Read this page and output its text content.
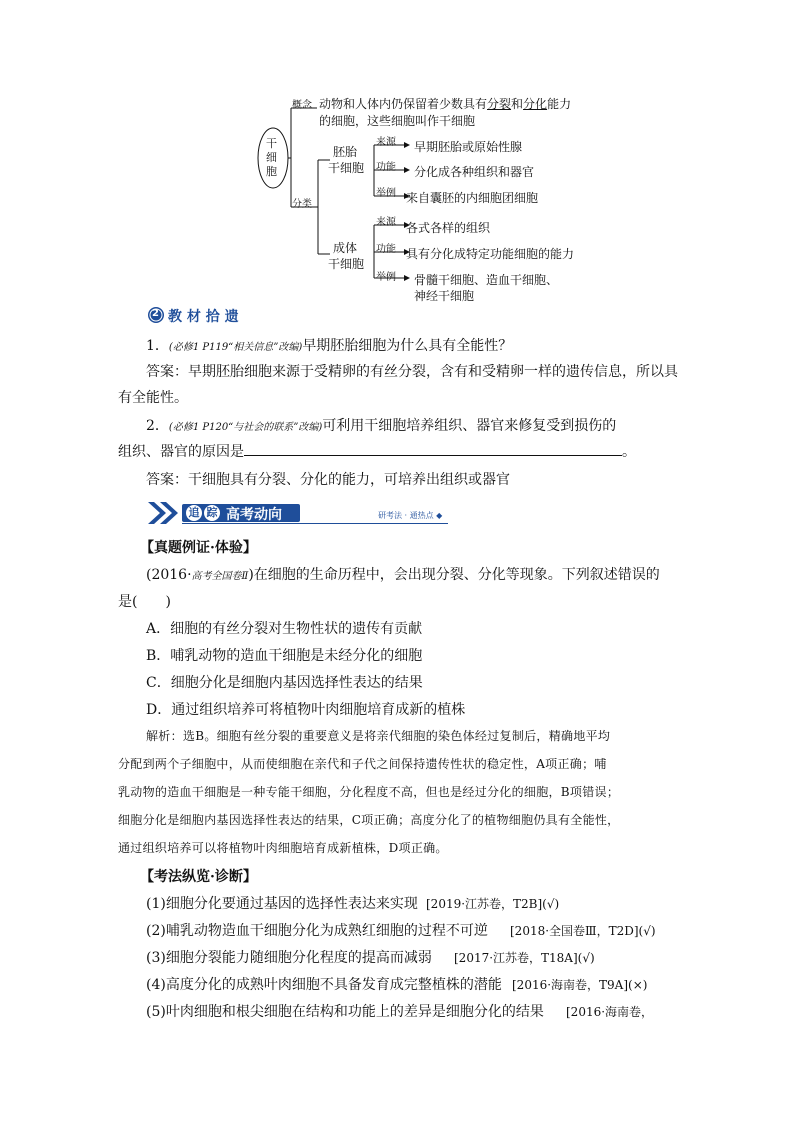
干
细
胞
概念 动物和人体内仍保留着少数具有分裂和分化能力
的细胞，这些细胞叫作干细胞
分类
胚胎
干细胞
来源 早期胚胎或原始性腺
功能 分化成各种组织和器官
举例 来自囊胚的内细胞团细胞
成体
干细胞
来源 各式各样的组织
功能 具有分化成特定功能细胞的能力
举例 骨髓干细胞、造血干细胞、
神经干细胞
2 教 材 拾 遗
1．(必修1 P119“相关信息”改编)早期胚胎细胞为什么具有全能性？
答案：早期胚胎细胞来源于受精卵的有丝分裂，含有和受精卵一样的遗传信息，所以具
有全能性。
2．(必修1 P120“与社会的联系”改编)可利用干细胞培养组织、器官来修复受到损伤的
组织、器官的原因是	。
答案：干细胞具有分裂、分化的能力，可培养出组织或器官
追 踪 高考动向	研考法 · 通热点 ◆
【真题例证·体验】
(2016·高考全国卷Ⅱ)在细胞的生命历程中，会出现分裂、分化等现象。下列叙述错误的
是(　　)
A．细胞的有丝分裂对生物性状的遗传有贡献
B．哺乳动物的造血干细胞是未经分化的细胞
C．细胞分化是细胞内基因选择性表达的结果
D．通过组织培养可将植物叶肉细胞培育成新的植株
解析：选B。细胞有丝分裂的重要意义是将亲代细胞的染色体经过复制后，精确地平均
分配到两个子细胞中，从而使细胞在亲代和子代之间保持遗传性状的稳定性，A项正确；哺
乳动物的造血干细胞是一种专能干细胞，分化程度不高，但也是经过分化的细胞，B项错误；
细胞分化是细胞内基因选择性表达的结果，C项正确；高度分化了的植物细胞仍具有全能性，
通过组织培养可以将植物叶肉细胞培育成新植株，D项正确。
【考法纵览·诊断】
(1)细胞分化要通过基因的选择性表达来实现 [2019·江苏卷，T2B](√)
(2)哺乳动物造血干细胞分化为成熟红细胞的过程不可逆 [2018·全国卷Ⅲ，T2D](√)
(3)细胞分裂能力随细胞分化程度的提高而减弱 [2017·江苏卷，T18A](√)
(4)高度分化的成熟叶肉细胞不具备发育成完整植株的潜能 [2016·海南卷，T9A](×)
(5)叶肉细胞和根尖细胞在结构和功能上的差异是细胞分化的结果 [2016·海南卷，
